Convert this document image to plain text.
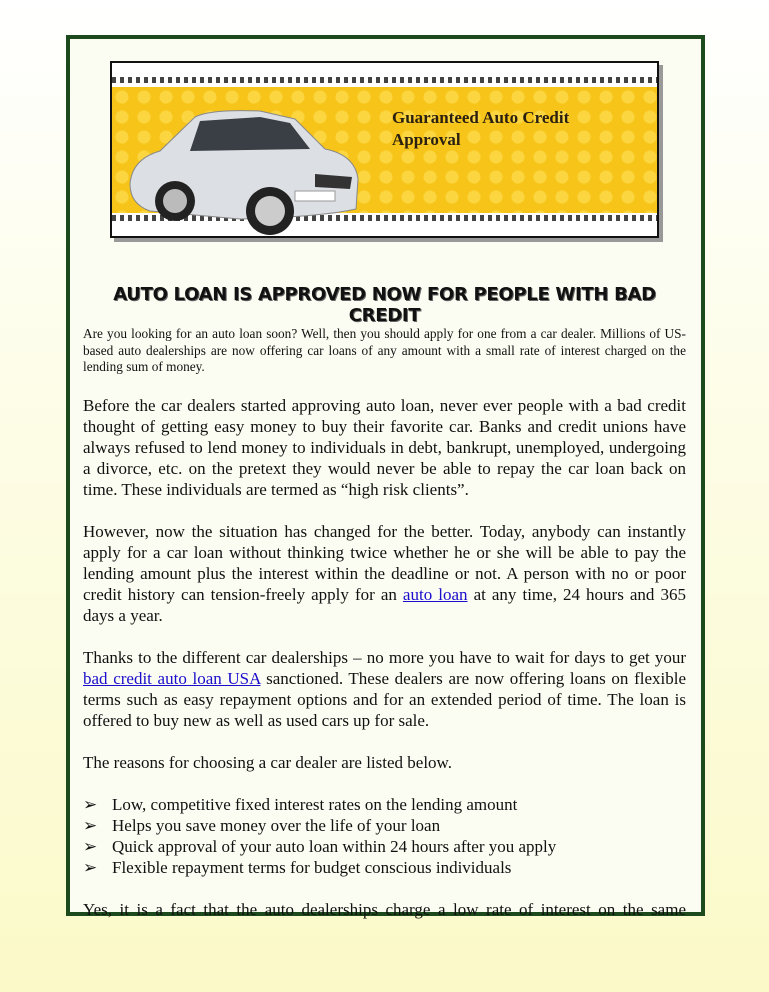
Guaranteed Auto Credit
Approval
AUTO LOAN IS APPROVED NOW FOR PEOPLE WITH BAD CREDIT

Are you looking for an auto loan soon? Well, then you should apply for one from a car dealer. Millions of US-based auto dealerships are now offering car loans of any amount with a small rate of interest charged on the lending sum of money.

Before the car dealers started approving auto loan, never ever people with a bad credit thought of getting easy money to buy their favorite car. Banks and credit unions have always refused to lend money to individuals in debt, bankrupt, unemployed, undergoing a divorce, etc. on the pretext they would never be able to repay the car loan back on time. These individuals are termed as “high risk clients”.

However, now the situation has changed for the better. Today, anybody can instantly apply for a car loan without thinking twice whether he or she will be able to pay the lending amount plus the interest within the deadline or not. A person with no or poor credit history can tension-freely apply for an auto loan at any time, 24 hours and 365 days a year.

Thanks to the different car dealerships – no more you have to wait for days to get your bad credit auto loan USA sanctioned. These dealers are now offering loans on flexible terms such as easy repayment options and for an extended period of time. The loan is offered to buy new as well as used cars up for sale.

The reasons for choosing a car dealer are listed below.

➢ Low, competitive fixed interest rates on the lending amount
➢ Helps you save money over the life of your loan
➢ Quick approval of your auto loan within 24 hours after you apply
➢ Flexible repayment terms for budget conscious individuals

Yes, it is a fact that the auto dealerships charge a low rate of interest on the same
